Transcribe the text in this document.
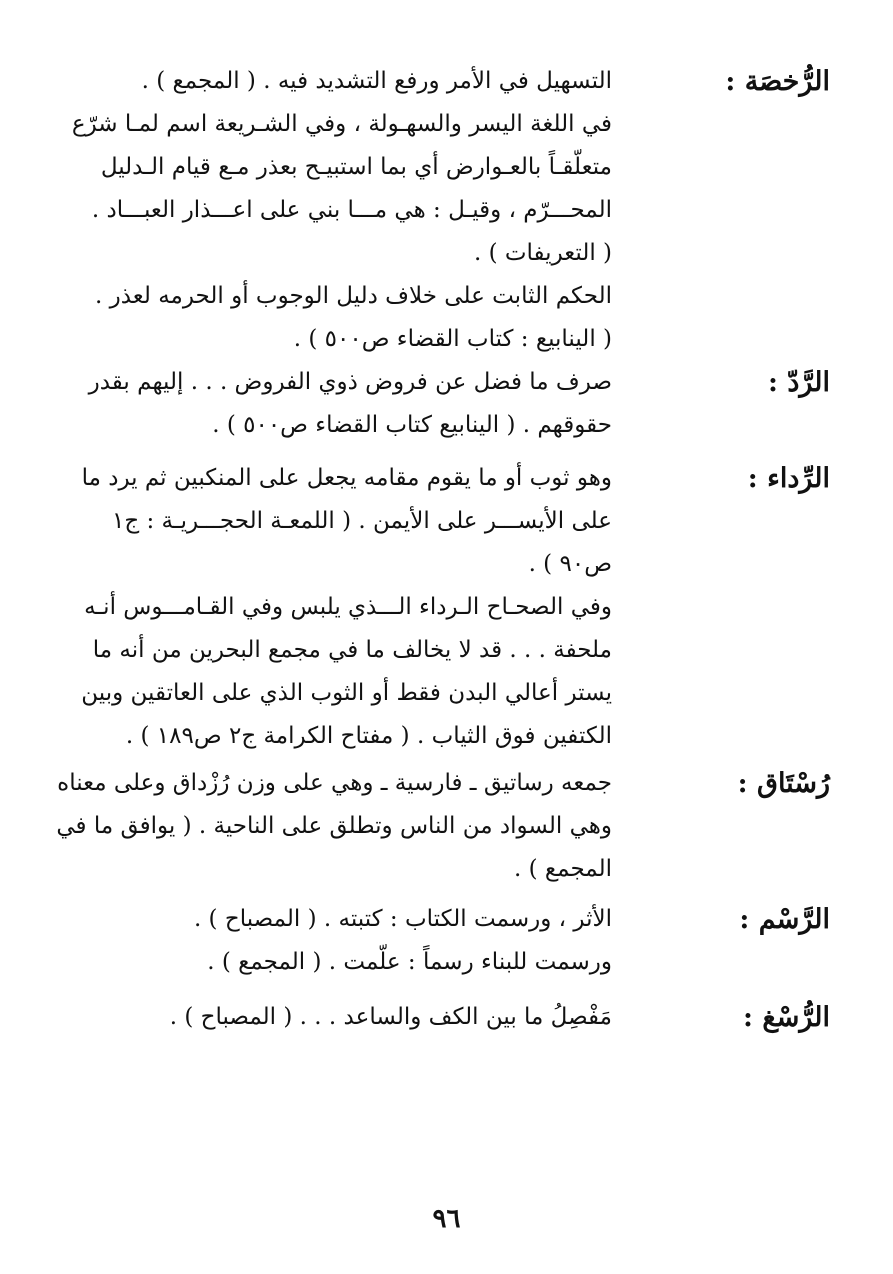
الرُّخصَة :
التسهيل في الأمر ورفع التشديد فيه . ( المجمع ) .
في اللغة اليسر والسهـولة ، وفي الشـريعة اسم لمـا شرّع
متعلّقـاً بالعـوارض أي بما استبيـح بعذر مـع قيام الـدليل
المحـــرّم ، وقيـل : هي مـــا بني على اعـــذار العبـــاد .
( التعريفات ) .
الحكم الثابت على خلاف دليل الوجوب أو الحرمه لعذر .
( الينابيع : كتاب القضاء ص٥٠٠ ) .
الرَّدّ :
صرف ما فضل عن فروض ذوي الفروض . . . إليهم بقدر
حقوقهم . ( الينابيع كتاب القضاء ص٥٠٠ ) .
الرِّداء :
وهو ثوب أو ما يقوم مقامه يجعل على المنكبين ثم يرد ما
على الأيســـر على الأيمن . ( اللمعـة الحجـــريـة : ج١
ص٩٠ ) .
وفي الصحـاح الـرداء الـــذي يلبس وفي القـامـــوس أنـه
ملحفة . . . قد لا يخالف ما في مجمع البحرين من أنه ما
يستر أعالي البدن فقط أو الثوب الذي على العاتقين وبين
الكتفين فوق الثياب . ( مفتاح الكرامة ج٢ ص١٨٩ ) .
رُسْتَاق :
جمعه رساتيق ـ فارسية ـ وهي على وزن رُزْداق وعلى معناه
وهي السواد من الناس وتطلق على الناحية . ( يوافق ما في
المجمع ) .
الرَّسْم :
الأثر ، ورسمت الكتاب : كتبته . ( المصباح ) .
ورسمت للبناء رسماً : علّمت . ( المجمع ) .
الرُّسْغ :
مَفْصِلُ ما بين الكف والساعد . . . ( المصباح ) .
٩٦
